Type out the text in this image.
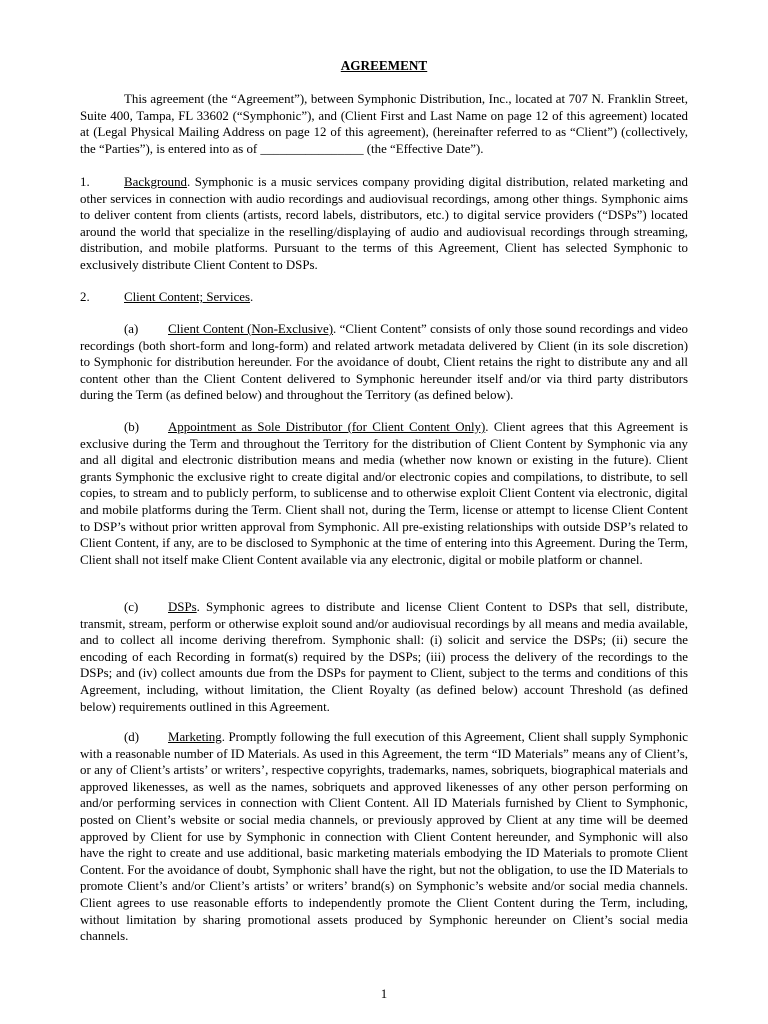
AGREEMENT
This agreement (the “Agreement”), between Symphonic Distribution, Inc., located at 707 N. Franklin Street, Suite 400, Tampa, FL 33602 (“Symphonic”), and (Client First and Last Name on page 12 of this agreement) located at (Legal Physical Mailing Address on page 12 of this agreement), (hereinafter referred to as “Client”) (collectively, the “Parties”), is entered into as of ________________ (the “Effective Date”).
1.	Background. Symphonic is a music services company providing digital distribution, related marketing and other services in connection with audio recordings and audiovisual recordings, among other things. Symphonic aims to deliver content from clients (artists, record labels, distributors, etc.) to digital service providers (“DSPs”) located around the world that specialize in the reselling/displaying of audio and audiovisual recordings through streaming, distribution, and mobile platforms. Pursuant to the terms of this Agreement, Client has selected Symphonic to exclusively distribute Client Content to DSPs.
2.	Client Content; Services.
(a) Client Content (Non-Exclusive). “Client Content” consists of only those sound recordings and video recordings (both short-form and long-form) and related artwork metadata delivered by Client (in its sole discretion) to Symphonic for distribution hereunder. For the avoidance of doubt, Client retains the right to distribute any and all content other than the Client Content delivered to Symphonic hereunder itself and/or via third party distributors during the Term (as defined below) and throughout the Territory (as defined below).
(b) Appointment as Sole Distributor (for Client Content Only). Client agrees that this Agreement is exclusive during the Term and throughout the Territory for the distribution of Client Content by Symphonic via any and all digital and electronic distribution means and media (whether now known or existing in the future). Client grants Symphonic the exclusive right to create digital and/or electronic copies and compilations, to distribute, to sell copies, to stream and to publicly perform, to sublicense and to otherwise exploit Client Content via electronic, digital and mobile platforms during the Term. Client shall not, during the Term, license or attempt to license Client Content to DSP’s without prior written approval from Symphonic. All pre-existing relationships with outside DSP’s related to Client Content, if any, are to be disclosed to Symphonic at the time of entering into this Agreement. During the Term, Client shall not itself make Client Content available via any electronic, digital or mobile platform or channel.
(c) DSPs. Symphonic agrees to distribute and license Client Content to DSPs that sell, distribute, transmit, stream, perform or otherwise exploit sound and/or audiovisual recordings by all means and media available, and to collect all income deriving therefrom. Symphonic shall: (i) solicit and service the DSPs; (ii) secure the encoding of each Recording in format(s) required by the DSPs; (iii) process the delivery of the recordings to the DSPs; and (iv) collect amounts due from the DSPs for payment to Client, subject to the terms and conditions of this Agreement, including, without limitation, the Client Royalty (as defined below) account Threshold (as defined below) requirements outlined in this Agreement.
(d) Marketing. Promptly following the full execution of this Agreement, Client shall supply Symphonic with a reasonable number of ID Materials. As used in this Agreement, the term “ID Materials” means any of Client’s, or any of Client’s artists’ or writers’, respective copyrights, trademarks, names, sobriquets, biographical materials and approved likenesses, as well as the names, sobriquets and approved likenesses of any other person performing on and/or performing services in connection with Client Content. All ID Materials furnished by Client to Symphonic, posted on Client’s website or social media channels, or previously approved by Client at any time will be deemed approved by Client for use by Symphonic in connection with Client Content hereunder, and Symphonic will also have the right to create and use additional, basic marketing materials embodying the ID Materials to promote Client Content. For the avoidance of doubt, Symphonic shall have the right, but not the obligation, to use the ID Materials to promote Client’s and/or Client’s artists’ or writers’ brand(s) on Symphonic’s website and/or social media channels. Client agrees to use reasonable efforts to independently promote the Client Content during the Term, including, without limitation by sharing promotional assets produced by Symphonic hereunder on Client’s social media channels.
1
